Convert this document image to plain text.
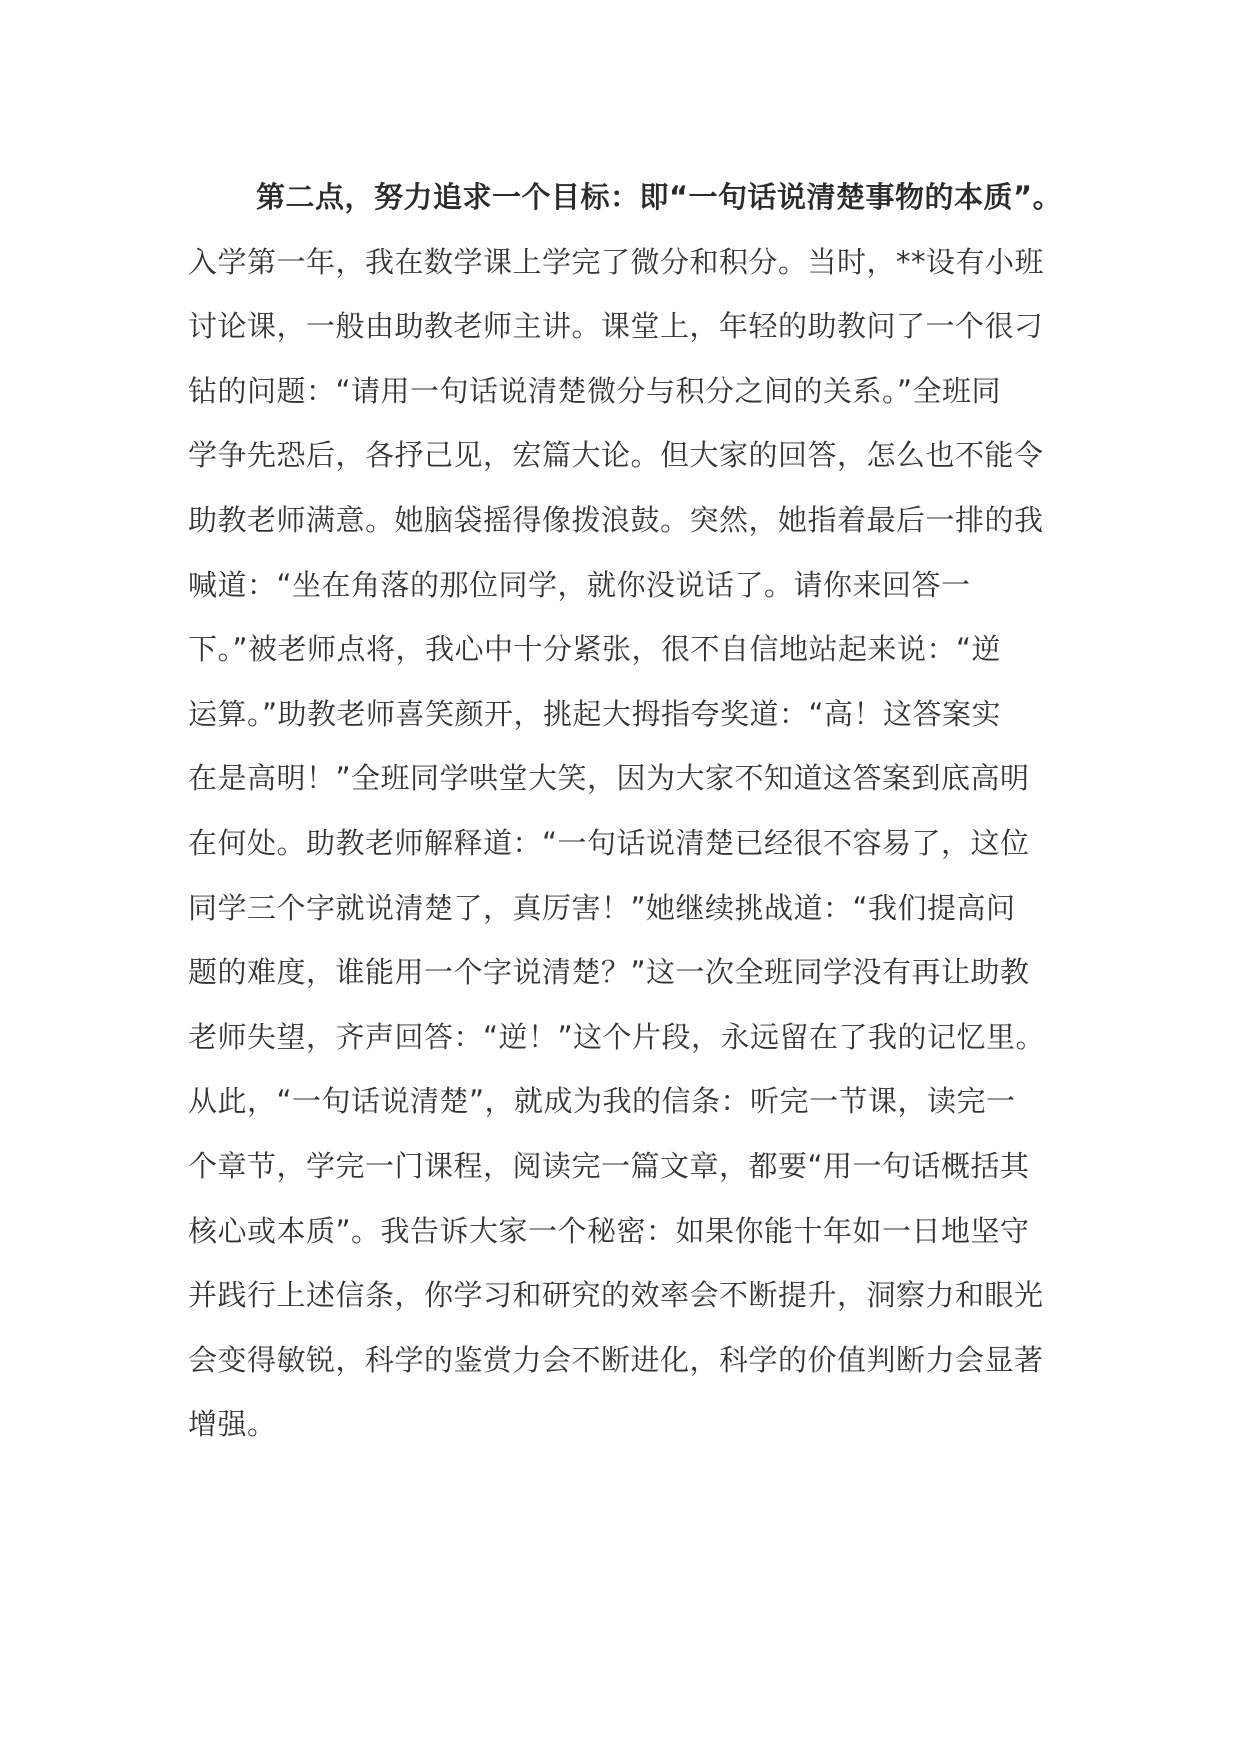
第二点，努力追求一个目标：即“一句话说清楚事物的本质”。
入学第一年，我在数学课上学完了微分和积分。当时，**设有小班
讨论课，一般由助教老师主讲。课堂上，年轻的助教问了一个很刁
钻的问题：“请用一句话说清楚微分与积分之间的关系。”全班同
学争先恐后，各抒己见，宏篇大论。但大家的回答，怎么也不能令
助教老师满意。她脑袋摇得像拨浪鼓。突然，她指着最后一排的我
喊道：“坐在角落的那位同学，就你没说话了。请你来回答一
下。”被老师点将，我心中十分紧张，很不自信地站起来说：“逆
运算。”助教老师喜笑颜开，挑起大拇指夸奖道：“高！这答案实
在是高明！”全班同学哄堂大笑，因为大家不知道这答案到底高明
在何处。助教老师解释道：“一句话说清楚已经很不容易了，这位
同学三个字就说清楚了，真厉害！”她继续挑战道：“我们提高问
题的难度，谁能用一个字说清楚？”这一次全班同学没有再让助教
老师失望，齐声回答：“逆！”这个片段，永远留在了我的记忆里。
从此，“一句话说清楚”，就成为我的信条：听完一节课，读完一
个章节，学完一门课程，阅读完一篇文章，都要“用一句话概括其
核心或本质”。我告诉大家一个秘密：如果你能十年如一日地坚守
并践行上述信条，你学习和研究的效率会不断提升，洞察力和眼光
会变得敏锐，科学的鉴赏力会不断进化，科学的价值判断力会显著
增强。
